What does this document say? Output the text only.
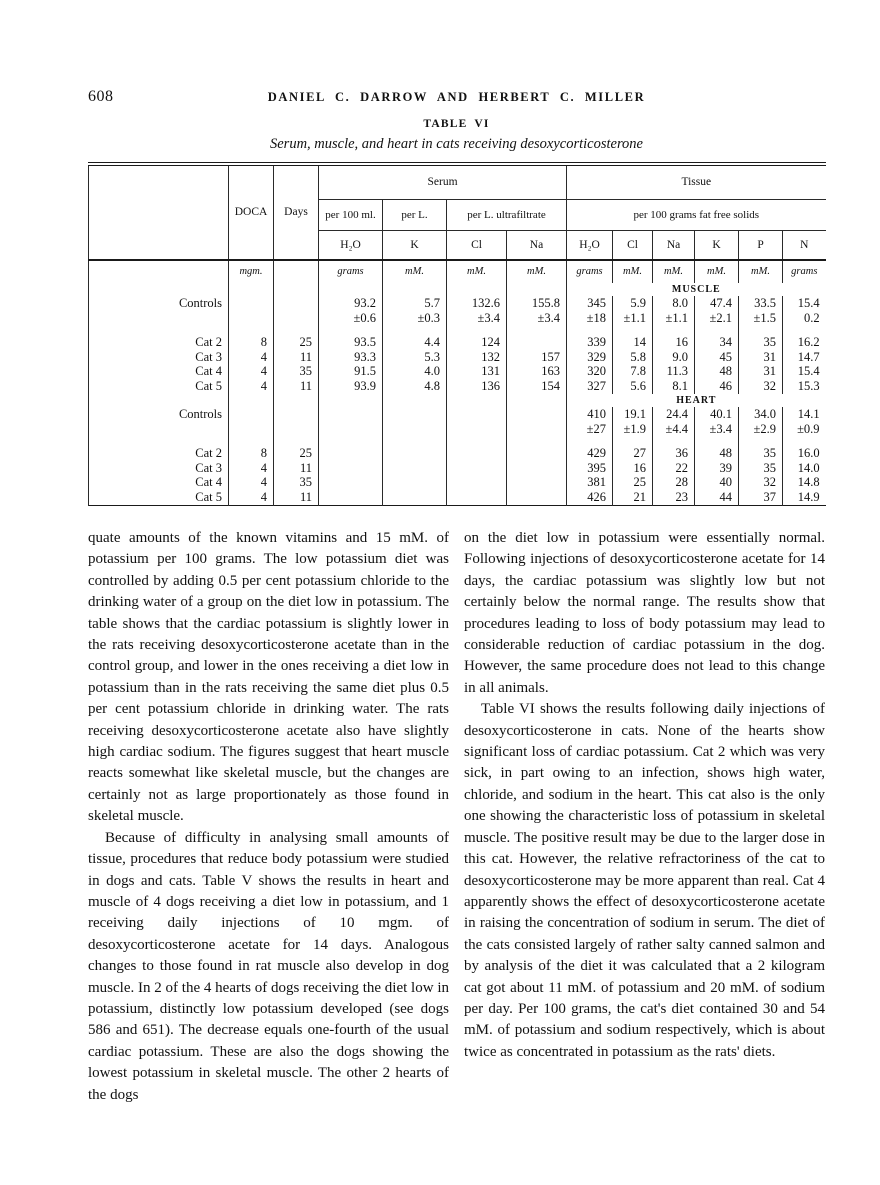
608	DANIEL C. DARROW AND HERBERT C. MILLER
TABLE VI
Serum, muscle, and heart in cats receiving desoxycorticosterone
	DOCA	Days	Serum				Tissue					
			per 100 ml.	per L.	per L. ultrafiltrate		per 100 grams fat free solids					
			H₂O	K	Cl	Na	H₂O	Cl	Na	K	P	N
	mgm.		grams	mM.	mM.	mM.	grams	mM.	mM.	mM.	mM.	grams
							MUSCLE					
Controls			93.2	5.7	132.6	155.8	345	5.9	8.0	47.4	33.5	15.4
			±0.6	±0.3	±3.4	±3.4	±18	±1.1	±1.1	±2.1	±1.5	0.2

Cat 2	8	25	93.5	4.4	124		339	14	16	34	35	16.2
Cat 3	4	11	93.3	5.3	132	157	329	5.8	9.0	45	31	14.7
Cat 4	4	35	91.5	4.0	131	163	320	7.8	11.3	48	31	15.4
Cat 5	4	11	93.9	4.8	136	154	327	5.6	8.1	46	32	15.3
							HEART					
Controls							410	19.1	24.4	40.1	34.0	14.1
							±27	±1.9	±4.4	±3.4	±2.9	±0.9

Cat 2	8	25					429	27	36	48	35	16.0
Cat 3	4	11					395	16	22	39	35	14.0
Cat 4	4	35					381	25	28	40	32	14.8
Cat 5	4	11					426	21	23	44	37	14.9

quate amounts of the known vitamins and 15 mM. of potassium per 100 grams. The low potassium diet was controlled by adding 0.5 per cent potassium chloride to the drinking water of a group on the diet low in potassium. The table shows that the cardiac potassium is slightly lower in the rats receiving desoxycorticosterone acetate than in the control group, and lower in the ones receiving a diet low in potassium than in the rats receiving the same diet plus 0.5 per cent potassium chloride in drinking water. The rats receiving desoxycorticosterone acetate also have slightly high cardiac sodium. The figures suggest that heart muscle reacts somewhat like skeletal muscle, but the changes are certainly not as large proportionately as those found in skeletal muscle.

Because of difficulty in analysing small amounts of tissue, procedures that reduce body potassium were studied in dogs and cats. Table V shows the results in heart and muscle of 4 dogs receiving a diet low in potassium, and 1 receiving daily injections of 10 mgm. of desoxycorticosterone acetate for 14 days. Analogous changes to those found in rat muscle also develop in dog muscle. In 2 of the 4 hearts of dogs receiving the diet low in potassium, distinctly low potassium developed (see dogs 586 and 651). The decrease equals one-fourth of the usual cardiac potassium. These are also the dogs showing the lowest potassium in skeletal muscle. The other 2 hearts of the dogs

on the diet low in potassium were essentially normal. Following injections of desoxycorticosterone acetate for 14 days, the cardiac potassium was slightly low but not certainly below the normal range. The results show that procedures leading to loss of body potassium may lead to considerable reduction of cardiac potassium in the dog. However, the same procedure does not lead to this change in all animals.

Table VI shows the results following daily injections of desoxycorticosterone in cats. None of the hearts show significant loss of cardiac potassium. Cat 2 which was very sick, in part owing to an infection, shows high water, chloride, and sodium in the heart. This cat also is the only one showing the characteristic loss of potassium in skeletal muscle. The positive result may be due to the larger dose in this cat. However, the relative refractoriness of the cat to desoxycorticosterone may be more apparent than real. Cat 4 apparently shows the effect of desoxycorticosterone acetate in raising the concentration of sodium in serum. The diet of the cats consisted largely of rather salty canned salmon and by analysis of the diet it was calculated that a 2 kilogram cat got about 11 mM. of potassium and 20 mM. of sodium per day. Per 100 grams, the cat's diet contained 30 and 54 mM. of potassium and sodium respectively, which is about twice as concentrated in potassium as the rats' diets.
